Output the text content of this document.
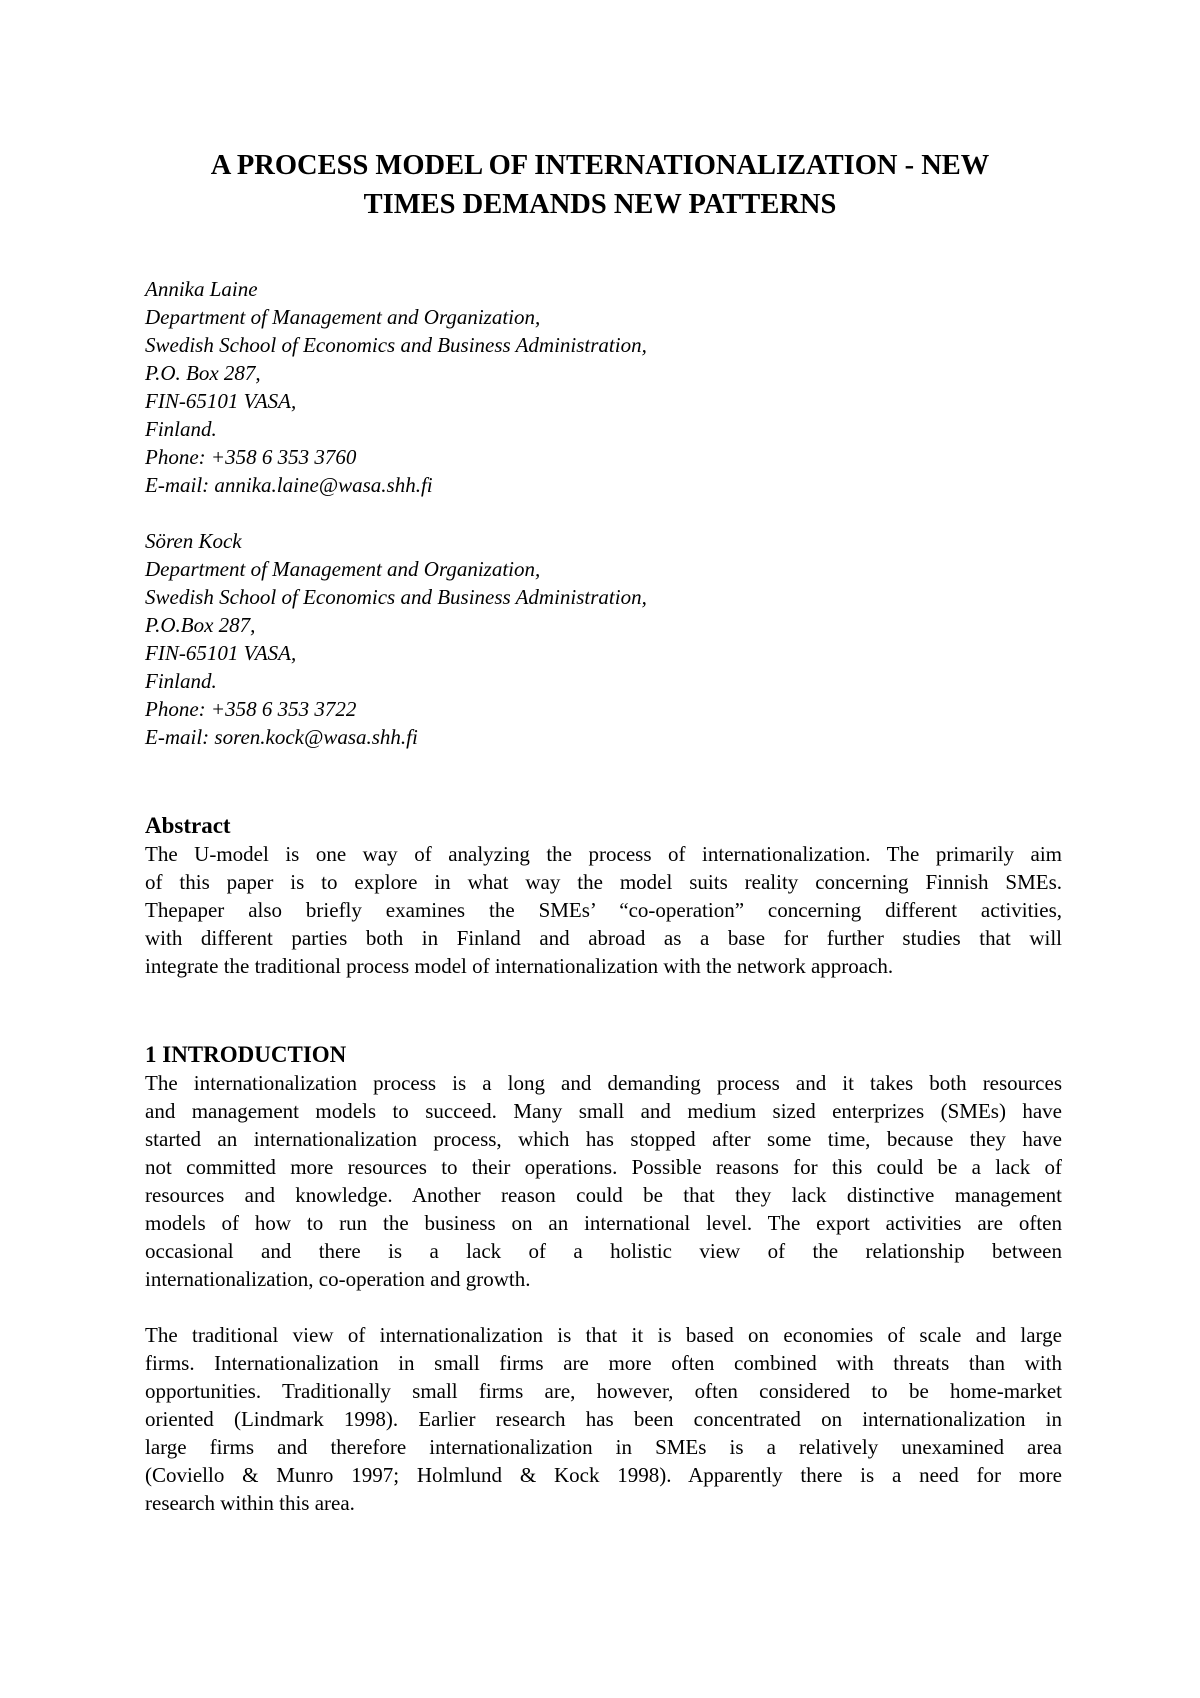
A PROCESS MODEL OF INTERNATIONALIZATION - NEW
TIMES DEMANDS NEW PATTERNS
Annika Laine
Department of Management and Organization,
Swedish School of Economics and Business Administration,
P.O. Box 287,
FIN-65101 VASA,
Finland.
Phone: +358 6 353 3760
E-mail: annika.laine@wasa.shh.fi
Sören Kock
Department of Management and Organization,
Swedish School of Economics and Business Administration,
P.O.Box 287,
FIN-65101 VASA,
Finland.
Phone: +358 6 353 3722
E-mail: soren.kock@wasa.shh.fi
Abstract

The U-model is one way of analyzing the process of internationalization. The primarily aim
of this paper is to explore in what way the model suits reality concerning Finnish SMEs.
Thepaper also briefly examines the SMEs’ “co-operation” concerning different activities,
with different parties both in Finland and abroad as a base for further studies that will
integrate the traditional process model of internationalization with the network approach.

1 INTRODUCTION

The internationalization process is a long and demanding process and it takes both resources
and management models to succeed. Many small and medium sized enterprizes (SMEs) have
started an internationalization process, which has stopped after some time, because they have
not committed more resources to their operations. Possible reasons for this could be a lack of
resources and knowledge. Another reason could be that they lack distinctive management
models of how to run the business on an international level. The export activities are often
occasional and there is a lack of a holistic view of the relationship between
internationalization, co-operation and growth.

The traditional view of internationalization is that it is based on economies of scale and large
firms. Internationalization in small firms are more often combined with threats than with
opportunities. Traditionally small firms are, however, often considered to be home-market
oriented (Lindmark 1998). Earlier research has been concentrated on internationalization in
large firms and therefore internationalization in SMEs is a relatively unexamined area
(Coviello & Munro 1997; Holmlund & Kock 1998). Apparently there is a need for more
research within this area.
